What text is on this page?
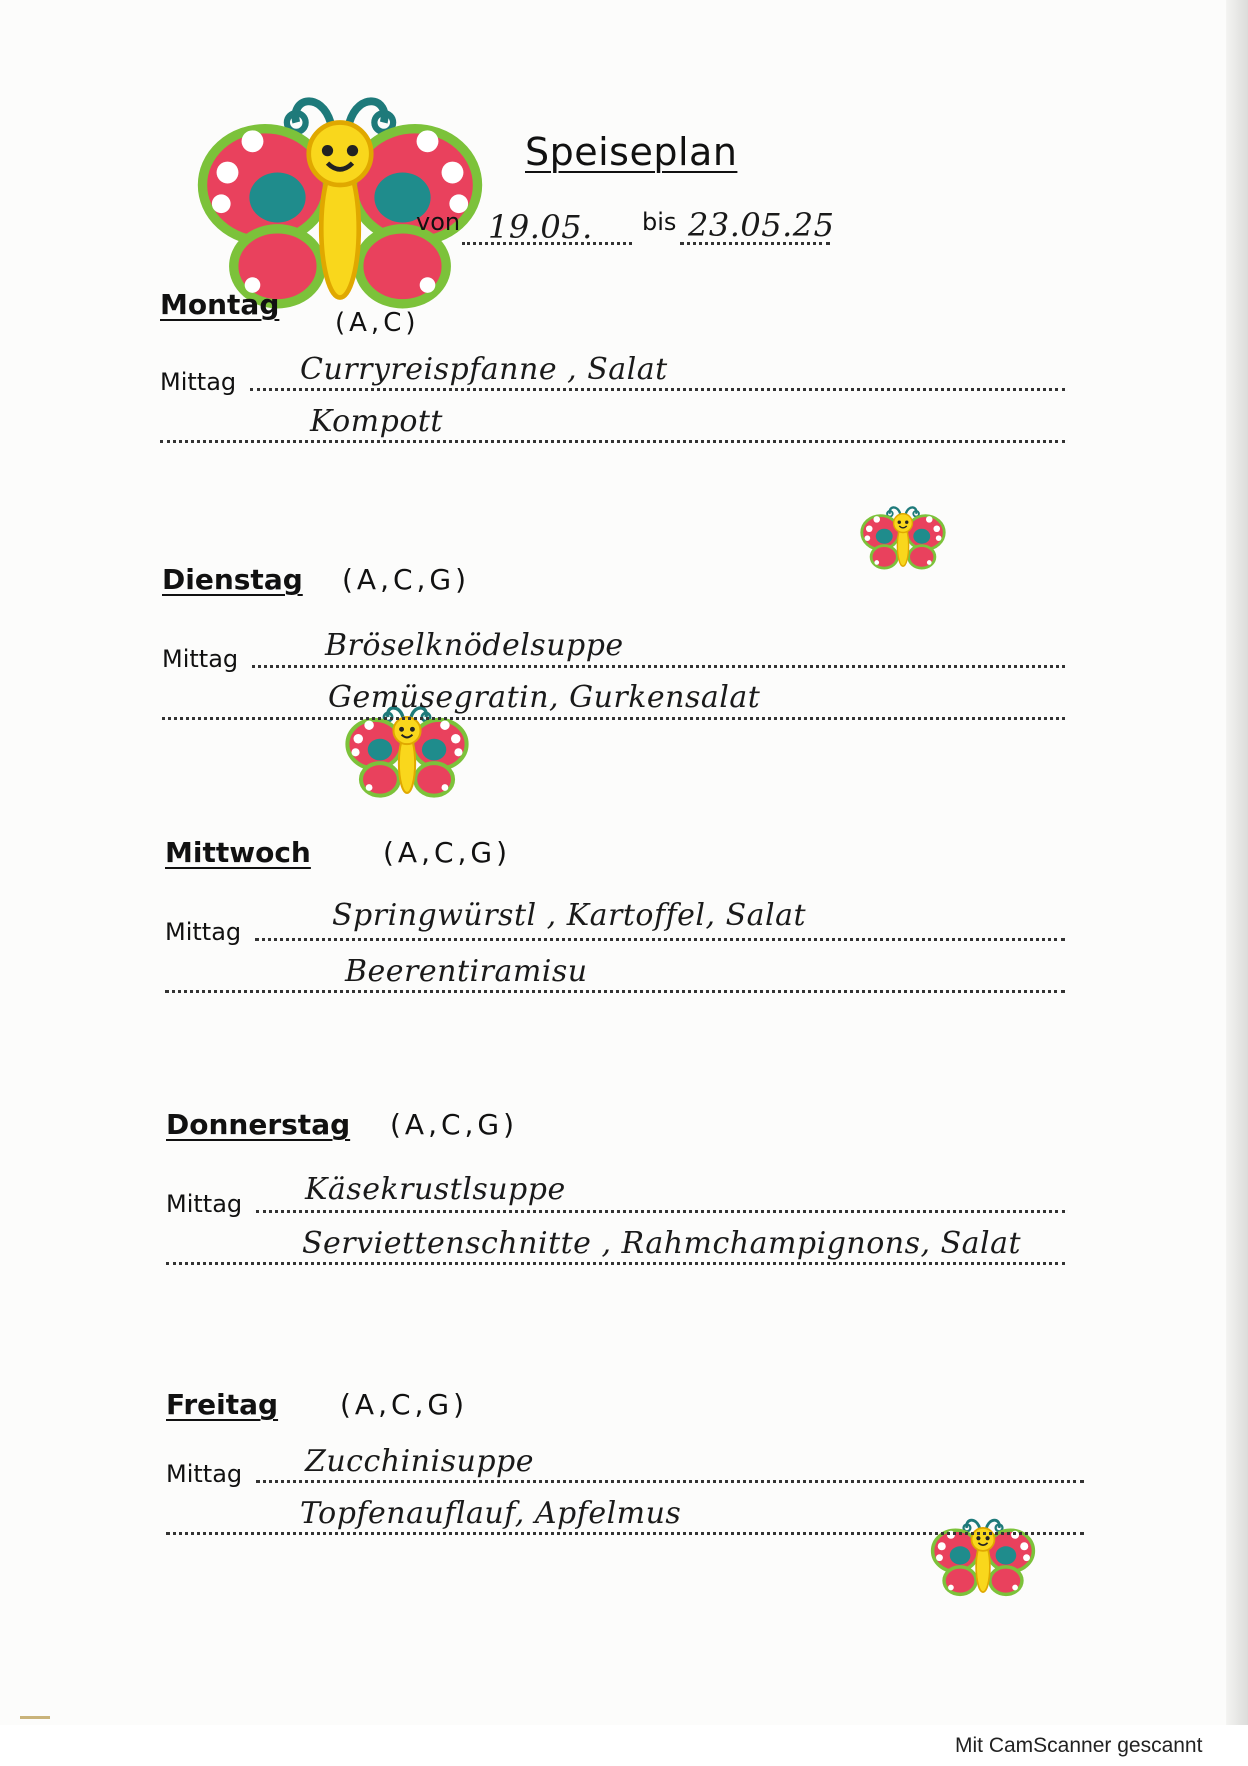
Speiseplan
von 19.05. bis 23.05.25
Montag
(A,C)
Mittag Curryreispfanne , Salat
Kompott
Dienstag (A,C,G)
Mittag	Bröselknödelsuppe
Gemüsegratin, Gurkensalat
Mittwoch	(A,C,G)
Mittag	Springwürstl , Kartoffel, Salat
Beerentiramisu
Donnerstag (A,C,G)
Mittag Käsekrustlsuppe
Serviettenschnitte , Rahmchampignons, Salat
Freitag (A,C,G)
Mittag Zucchinisuppe
Topfenauflauf, Apfelmus
Mit CamScanner gescannt
